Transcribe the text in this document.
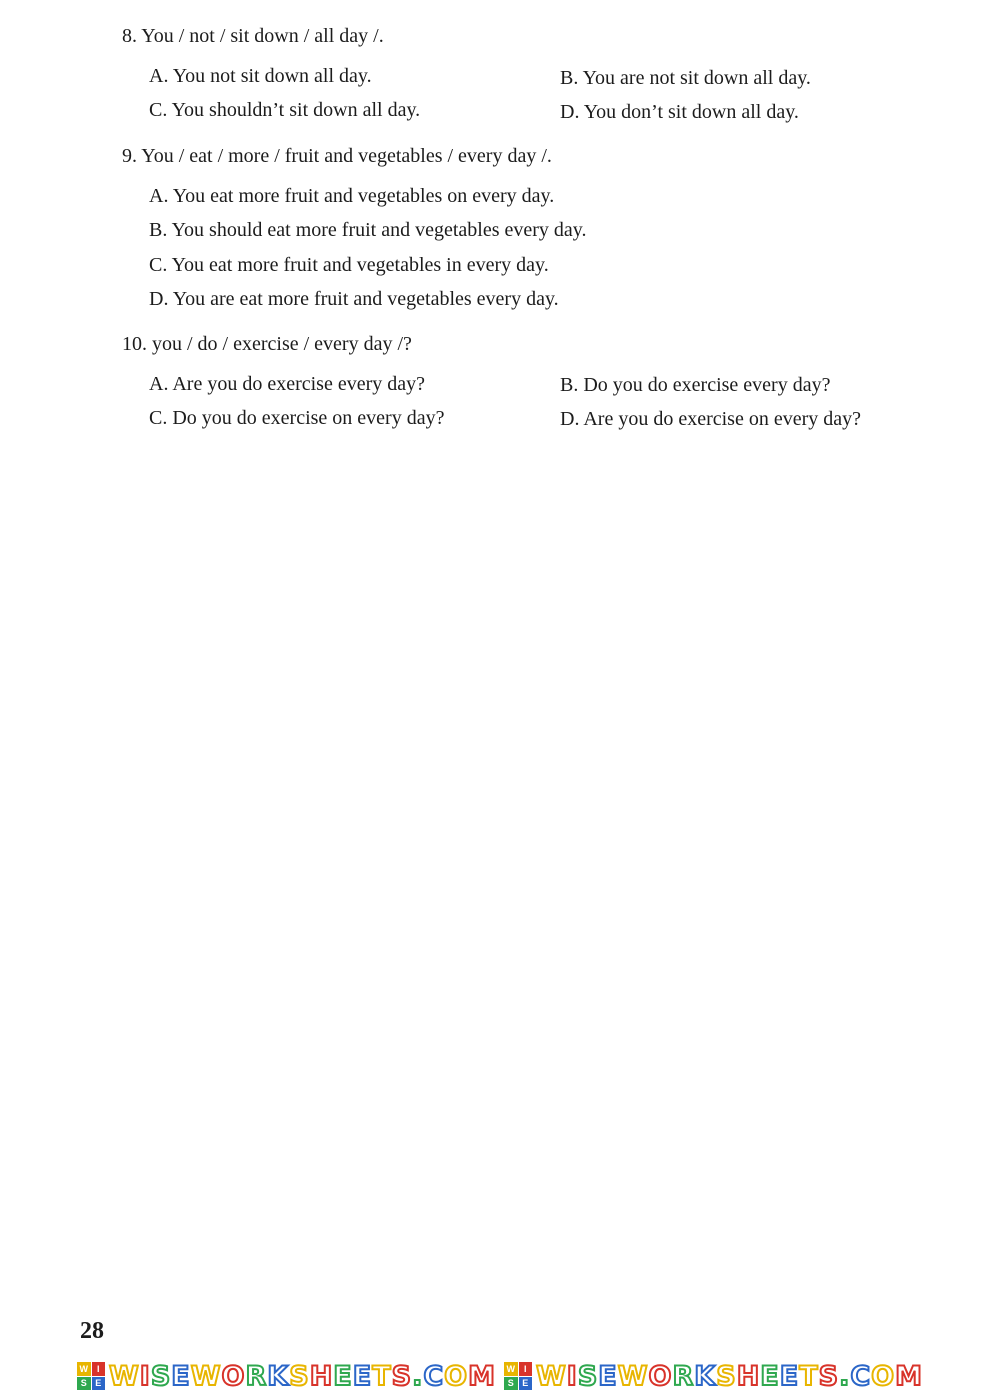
8. You / not / sit down / all day /.
A. You not sit down all day.	B. You are not sit down all day.
C. You shouldn’t sit down all day.	D. You don’t sit down all day.
9. You / eat / more / fruit and vegetables / every day /.
A. You eat more fruit and vegetables on every day.
B. You should eat more fruit and vegetables every day.
C. You eat more fruit and vegetables in every day.
D. You are eat more fruit and vegetables every day.
10. you / do / exercise / every day /?
A. Are you do exercise every day?	B. Do you do exercise every day?
C. Do you do exercise on every day?	D. Are you do exercise on every day?
28
W I
S E WISEWORKSHEETS.COM W I
S E WISEWORKSHEETS.COM
